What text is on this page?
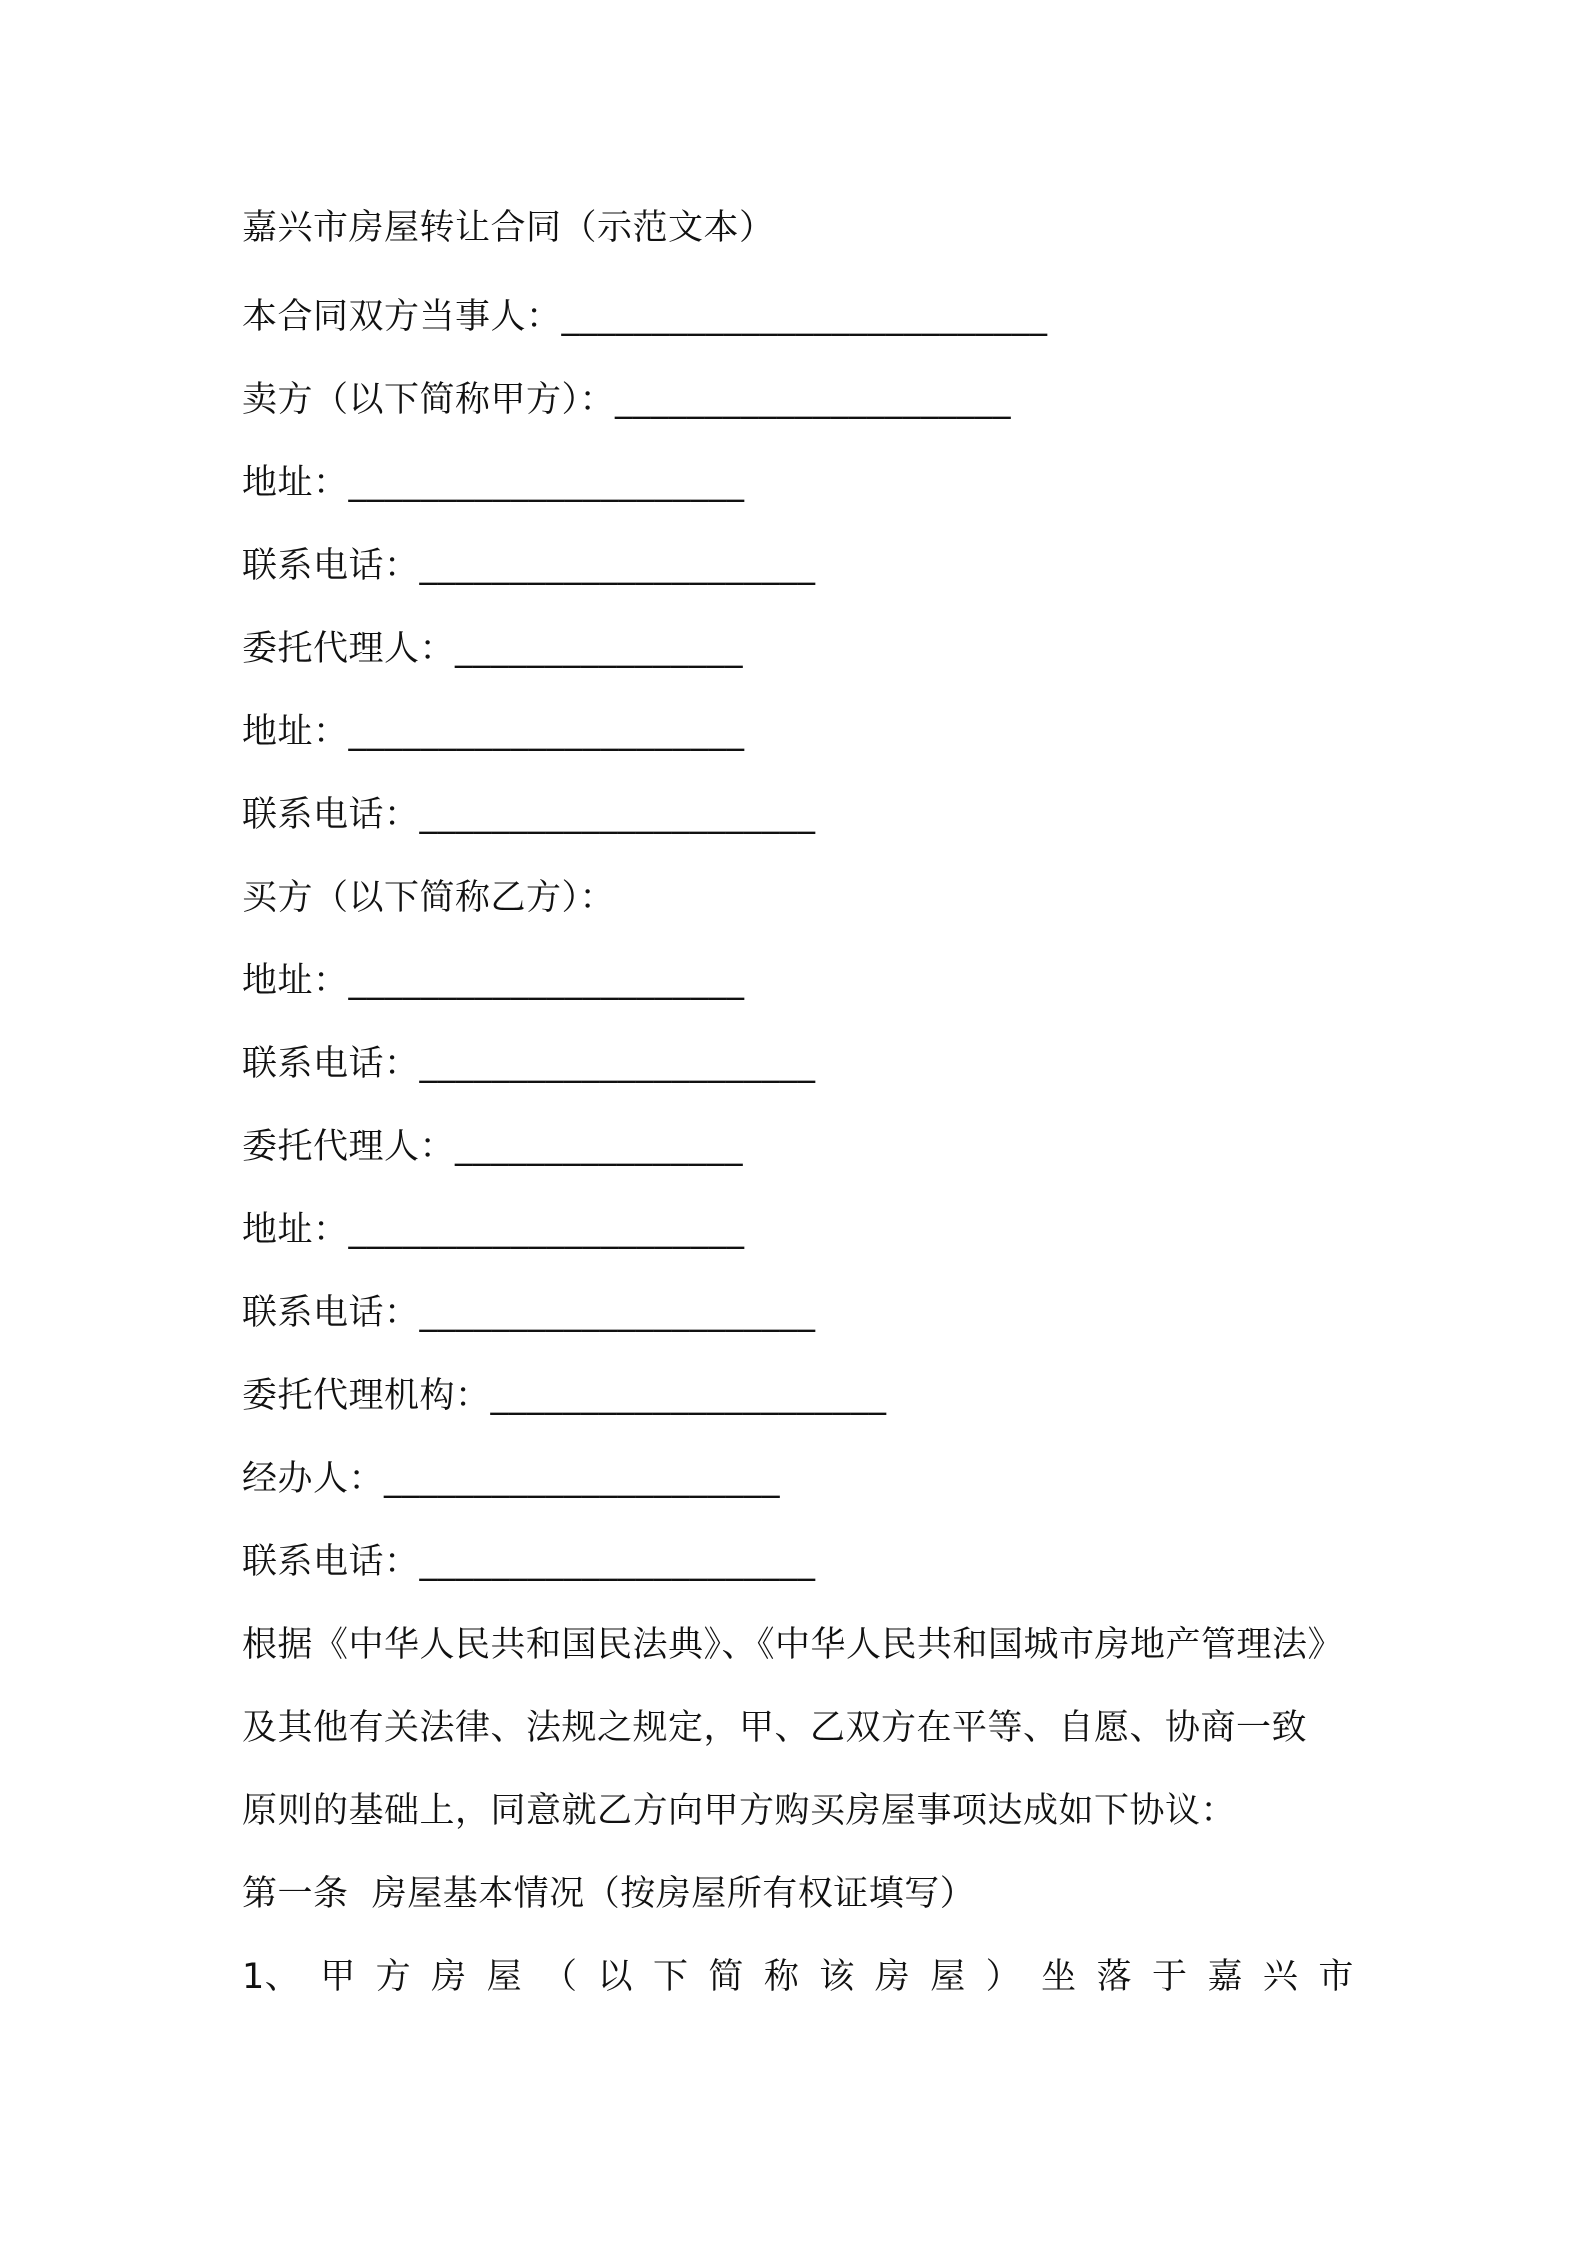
嘉兴市房屋转让合同（示范文本）
本合同双方当事人：___________________________
卖方（以下简称甲方）：______________________
地址：______________________
联系电话：______________________
委托代理人：________________
地址：______________________
联系电话：______________________
买方（以下简称乙方）：
地址：______________________
联系电话：______________________
委托代理人：________________
地址：______________________
联系电话：______________________
委托代理机构：______________________
经办人：______________________
联系电话：______________________
根据《中华人民共和国民法典》、《中华人民共和国城市房地产管理法》
及其他有关法律、法规之规定，甲、乙双方在平等、自愿、协商一致
原则的基础上，同意就乙方向甲方购买房屋事项达成如下协议：
第一条  房屋基本情况（按房屋所有权证填写）
1、 甲 方 房 屋 （ 以 下 简 称 该 房 屋 ） 坐 落 于 嘉 兴 市
